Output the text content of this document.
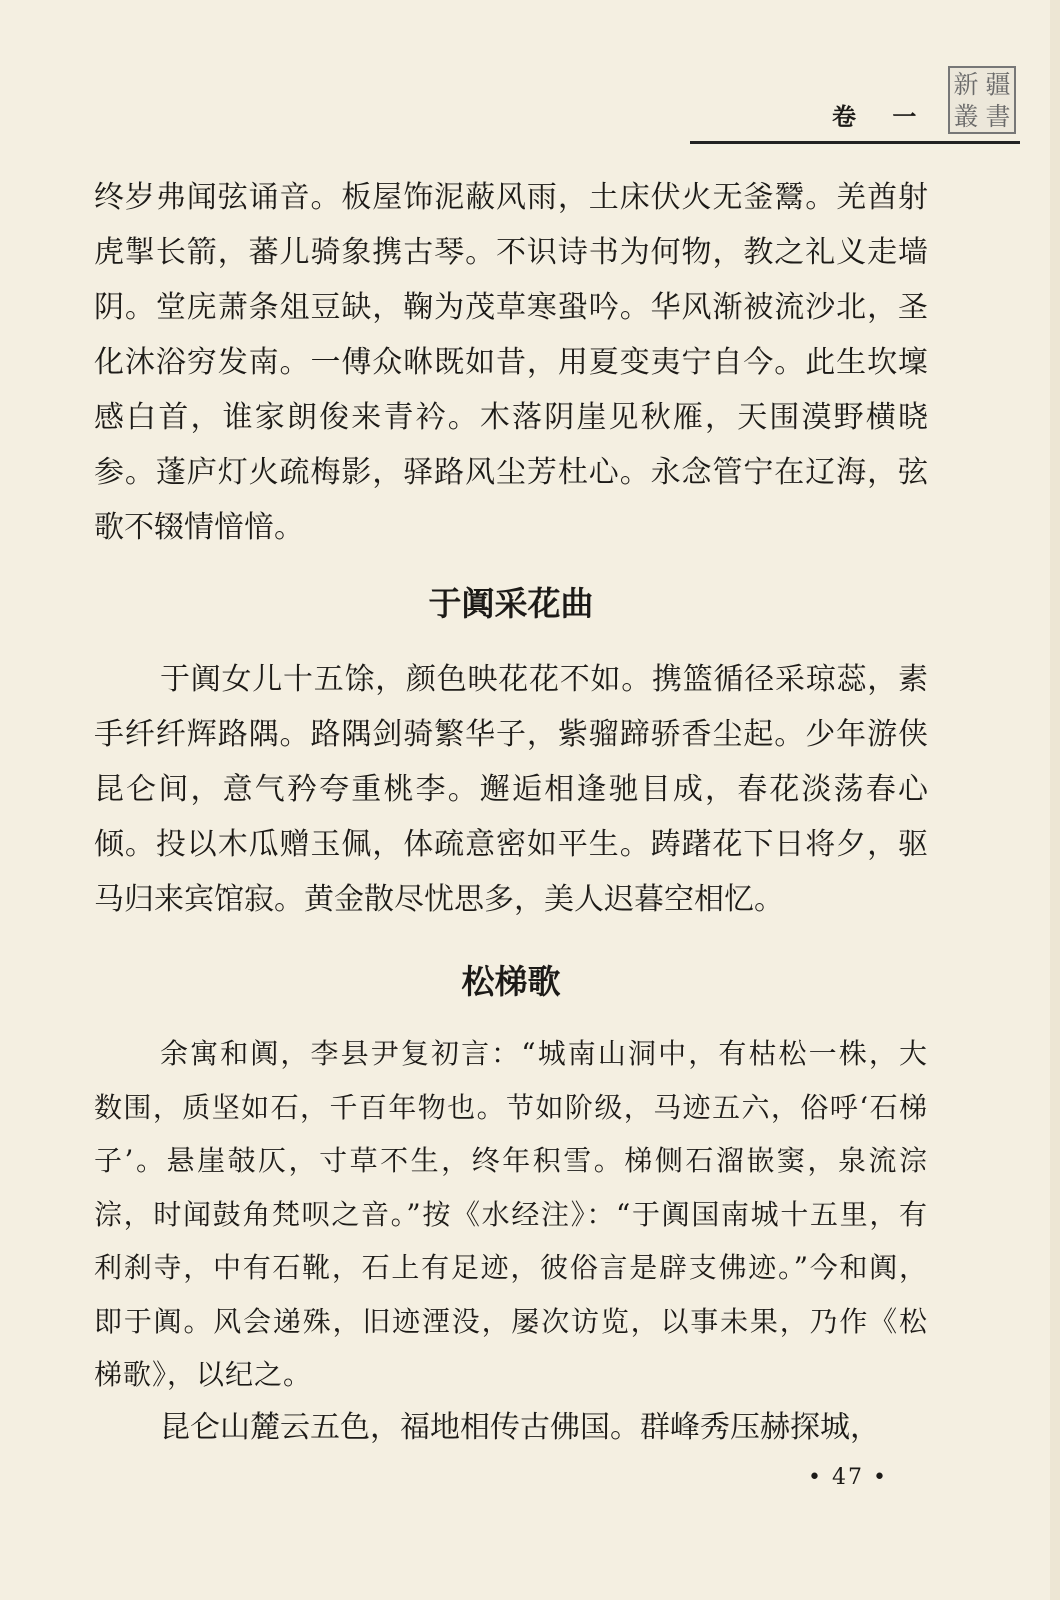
卷 一
新 疆
叢 書

终岁弗闻弦诵音。板屋饰泥蔽风雨，土床伏火无釜鬵。羌酋射虎掣长箭，蕃儿骑象携古琴。不识诗书为何物，教之礼义走墙阴。堂庑萧条俎豆缺，鞠为茂草寒蛩吟。华风渐被流沙北，圣化沐浴穷发南。一傅众咻既如昔，用夏变夷宁自今。此生坎壈感白首，谁家朗俊来青衿。木落阴崖见秋雁，天围漠野横晓参。蓬庐灯火疏梅影，驿路风尘芳杜心。永念管宁在辽海，弦歌不辍情愔愔。

于阗采花曲

于阗女儿十五馀，颜色映花花不如。携篮循径采琼蕊，素手纤纤辉路隅。路隅剑骑繁华子，紫骝蹄骄香尘起。少年游侠昆仑间，意气矜夸重桃李。邂逅相逢驰目成，春花淡荡春心倾。投以木瓜赠玉佩，体疏意密如平生。踌躇花下日将夕，驱马归来宾馆寂。黄金散尽忧思多，美人迟暮空相忆。

松梯歌

余寓和阗，李县尹复初言：“城南山洞中，有枯松一株，大数围，质坚如石，千百年物也。节如阶级，马迹五六，俗呼‘石梯子’。悬崖攲仄，寸草不生，终年积雪。梯侧石溜嵌窦，泉流淙淙，时闻鼓角梵呗之音。”按《水经注》：“于阗国南城十五里，有利刹寺，中有石靴，石上有足迹，彼俗言是辟支佛迹。”今和阗，即于阗。风会递殊，旧迹湮没，屡次访览，以事未果，乃作《松梯歌》，以纪之。

昆仑山麓云五色，福地相传古佛国。群峰秀压赫探城，

• 47 •
